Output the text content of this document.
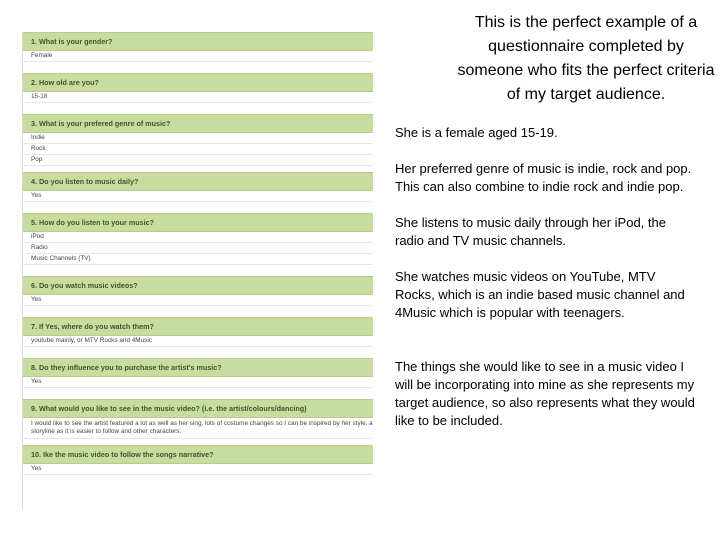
1. What is your gender?
Female
2. How old are you?
15-18
3. What is your prefered genre of music?
Indie
Rock
Pop
4. Do you listen to music daily?
Yes
5. How do you listen to your music?
iPod
Radio
Music Channels (TV)
6. Do you watch music videos?
Yes
7. If Yes, where do you watch them?
youtube mainly, or MTV Rocks and 4Music
8. Do they influence you to purchase the artist's music?
Yes
9. What would you like to see in the music video? (i.e. the artist/colours/dancing)
I would like to see the artist featured a lot as well as her sing, lots of costume changes so I can be inspired by her style, a storyline as it is easier to follow and other characters.
10. Ike the music video to follow the songs narrative?
Yes
This is the perfect example of a questionnaire completed by someone who fits the perfect criteria of my target audience.

She is a female aged 15-19.

Her preferred genre of music is indie, rock and pop. This can also combine to indie rock and indie pop.

She listens to music daily through her iPod, the radio and TV music channels.

She watches music videos on YouTube, MTV Rocks, which is an indie based music channel and 4Music which is popular with teenagers.

The things she would like to see in a music video I will be incorporating into mine as she represents my target audience, so also represents what they would like to be included.
